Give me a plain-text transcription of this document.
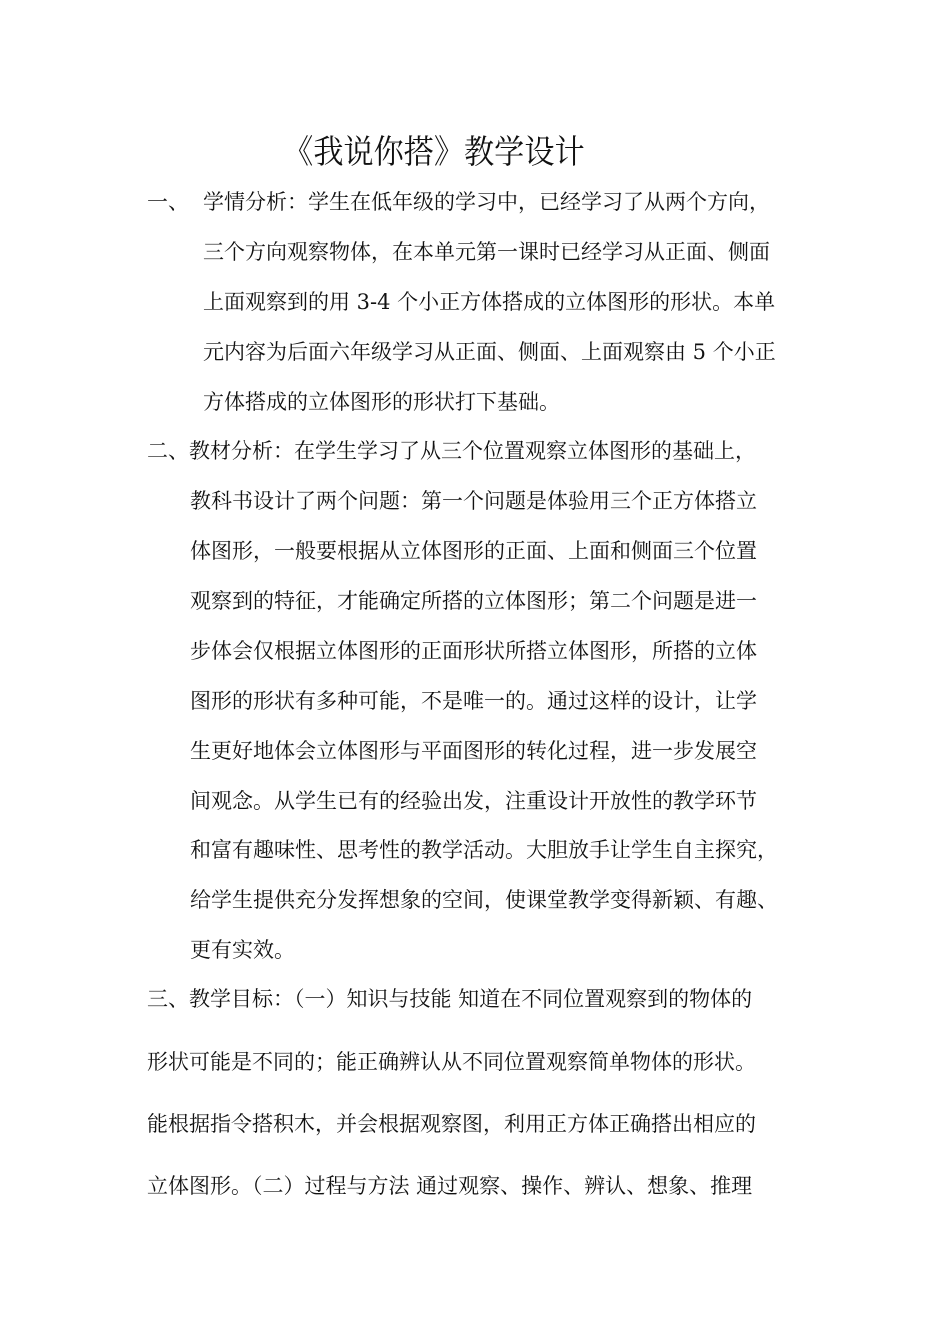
《我说你搭》教学设计
一、 学情分析：学生在低年级的学习中，已经学习了从两个方向，
三个方向观察物体，在本单元第一课时已经学习从正面、侧面
上面观察到的用 3-4 个小正方体搭成的立体图形的形状。本单
元内容为后面六年级学习从正面、侧面、上面观察由 5 个小正
方体搭成的立体图形的形状打下基础。
二、教材分析：在学生学习了从三个位置观察立体图形的基础上，
教科书设计了两个问题：第一个问题是体验用三个正方体搭立
体图形，一般要根据从立体图形的正面、上面和侧面三个位置
观察到的特征，才能确定所搭的立体图形；第二个问题是进一
步体会仅根据立体图形的正面形状所搭立体图形，所搭的立体
图形的形状有多种可能，不是唯一的。通过这样的设计，让学
生更好地体会立体图形与平面图形的转化过程，进一步发展空
间观念。从学生已有的经验出发，注重设计开放性的教学环节
和富有趣味性、思考性的教学活动。大胆放手让学生自主探究，
给学生提供充分发挥想象的空间，使课堂教学变得新颖、有趣、
更有实效。
三、教学目标：（一）知识与技能 知道在不同位置观察到的物体的
形状可能是不同的；能正确辨认从不同位置观察简单物体的形状。
能根据指令搭积木，并会根据观察图，利用正方体正确搭出相应的
立体图形。（二）过程与方法 通过观察、操作、辨认、想象、推理
